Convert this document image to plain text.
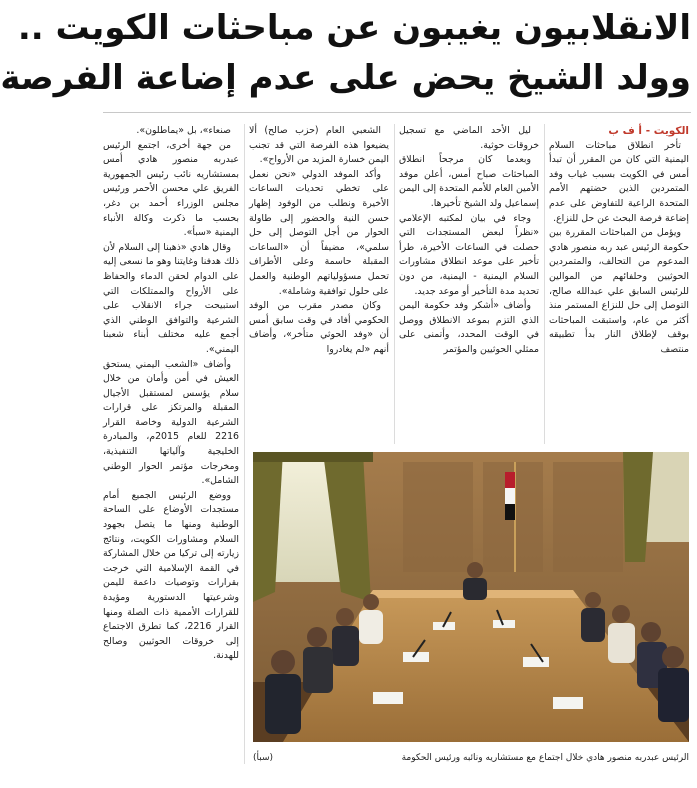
الانقلابيون يغيبون عن مباحثات الكويت ..
وولد الشيخ يحض على عدم إضاعة الفرصة

الكويت - أ ف ب

تأخر انطلاق مباحثات السلام اليمنية التي كان من المقرر أن تبدأ أمس في الكويت بسبب غياب وفد المتمردين الذين حضتهم الأمم المتحدة الراعية للتفاوض على عدم إضاعة فرصة البحث عن حل للنزاع.

ويؤمل من المباحثات المقررة بين حكومة الرئيس عبد ربه منصور هادي المدعوم من التحالف، والمتمردين الحوثيين وحلفائهم من الموالين للرئيس السابق علي عبدالله صالح، التوصل إلى حل للنزاع المستمر منذ أكثر من عام، واستبقت المباحثات بوقف لإطلاق النار بدأ تطبيقه منتصف

ليل الأحد الماضي مع تسجيل خروقات حوثية.

وبعدما كان مرجحاً انطلاق المباحثات صباح أمس، أعلن موفد الأمين العام للأمم المتحدة إلى اليمن إسماعيل ولد الشيخ تأخيرها.

وجاء في بيان لمكتبه الإعلامي «نظراً لبعض المستجدات التي حصلت في الساعات الأخيرة، طرأ تأخير على موعد انطلاق مشاورات السلام اليمنية - اليمنية، من دون تحديد مدة التأخير أو موعد جديد.

وأضاف «أشكر وفد حكومة اليمن الذي التزم بموعد الانطلاق ووصل في الوقت المحدد، وأتمنى على ممثلي الحوثيين والمؤتمر

الشعبي العام (حزب صالح) ألا يضيعوا هذه الفرصة التي قد تجنب اليمن خسارة المزيد من الأرواح».

وأكد الموفد الدولي «نحن نعمل على تخطي تحديات الساعات الأخيرة ونطلب من الوفود إظهار حسن النية والحضور إلى طاولة الحوار من أجل التوصل إلى حل سلمي»، مضيفاً أن «الساعات المقبلة حاسمة وعلى الأطراف تحمل مسؤولياتهم الوطنية والعمل على حلول توافقية وشاملة».

وكان مصدر مقرب من الوفد الحكومي أفاد في وقت سابق أمس أن «وفد الحوثي متأخر»، وأضاف أنهم «لم يغادروا

صنعاء»، بل «يماطلون».

من جهة أخرى، اجتمع الرئيس عبدربه منصور هادي أمس بمستشاريه نائب رئيس الجمهورية الفريق علي محسن الأحمر ورئيس مجلس الوزراء أحمد بن دغر، بحسب ما ذكرت وكالة الأنباء اليمنية «سبأ».

وقال هادي «ذهبنا إلى السلام لأن ذلك هدفنا وغايتنا وهو ما نسعى إليه على الدوام لحقن الدماء والحفاظ على الأرواح والممتلكات التي استبيحت جراء الانقلاب على الشرعية والتوافق الوطني الذي أجمع عليه مختلف أبناء شعبنا اليمني».

وأضاف «الشعب اليمني يستحق العيش في أمن وأمان من خلال سلام يؤسس لمستقبل الأجيال المقبلة والمرتكز على قرارات الشرعية الدولية وخاصة القرار 2216 للعام 2015م، والمبادرة الخليجية وآلياتها التنفيذية، ومخرجات مؤتمر الحوار الوطني الشامل».

ووضع الرئيس الجميع أمام مستجدات الأوضاع على الساحة الوطنية ومنها ما يتصل بجهود السلام ومشاورات الكويت، ونتائج زيارته إلى تركيا من خلال المشاركة في القمة الإسلامية التي خرجت بقرارات وتوصيات داعمة لليمن وشرعيتها الدستورية ومؤيدة للقرارات الأممية ذات الصلة ومنها القرار 2216، كما تطرق الاجتماع إلى خروقات الحوثيين وصالح للهدنة.

الرئيس عبدربه منصور هادي خلال اجتماع مع مستشاريه ونائبه ورئيس الحكومة
(سبأ)
